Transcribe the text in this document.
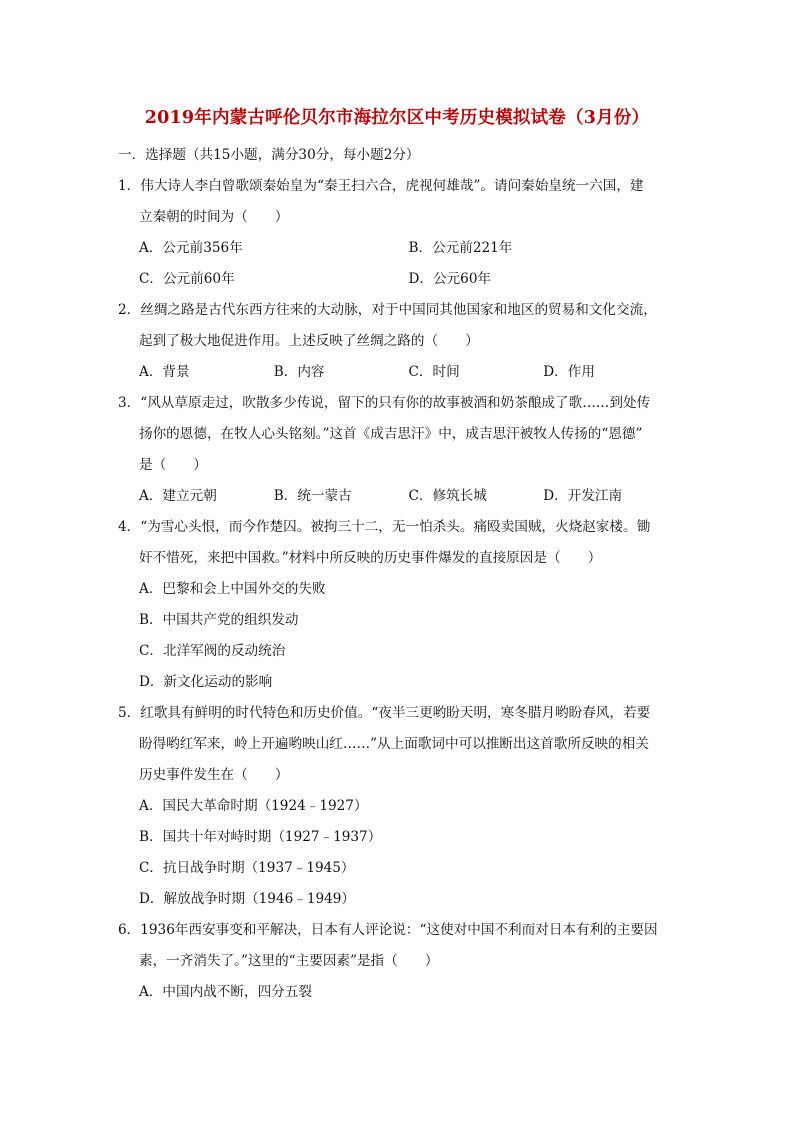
2019年内蒙古呼伦贝尔市海拉尔区中考历史模拟试卷（3月份）
一．选择题（共15小题，满分30分，每小题2分）
1．伟大诗人李白曾歌颂秦始皇为“秦王扫六合，虎视何雄哉”。请问秦始皇统一六国，建
立秦朝的时间为（　　）
A．公元前356年	B．公元前221年
C．公元前60年	D．公元60年
2．丝绸之路是古代东西方往来的大动脉，对于中国同其他国家和地区的贸易和文化交流，
起到了极大地促进作用。上述反映了丝绸之路的（　　）
A．背景	B．内容	C．时间	D．作用
3．“风从草原走过，吹散多少传说，留下的只有你的故事被酒和奶茶酿成了歌……到处传
扬你的恩德，在牧人心头铭刻。”这首《成吉思汗》中，成吉思汗被牧人传扬的“恩德”
是（　　）
A．建立元朝	B．统一蒙古	C．修筑长城	D．开发江南
4．“为雪心头恨，而今作楚囚。被拘三十二，无一怕杀头。痛殴卖国贼，火烧赵家楼。锄
奸不惜死，来把中国救。”材料中所反映的历史事件爆发的直接原因是（　　）
A．巴黎和会上中国外交的失败
B．中国共产党的组织发动
C．北洋军阀的反动统治
D．新文化运动的影响
5．红歌具有鲜明的时代特色和历史价值。“夜半三更哟盼天明，寒冬腊月哟盼春风，若要
盼得哟红军来，岭上开遍哟映山红……”从上面歌词中可以推断出这首歌所反映的相关
历史事件发生在（　　）
A．国民大革命时期（1924﹣1927）
B．国共十年对峙时期（1927﹣1937）
C．抗日战争时期（1937﹣1945）
D．解放战争时期（1946﹣1949）
6．1936年西安事变和平解决，日本有人评论说：“这使对中国不利而对日本有利的主要因
素，一齐消失了。”这里的“主要因素”是指（　　）
A．中国内战不断，四分五裂
